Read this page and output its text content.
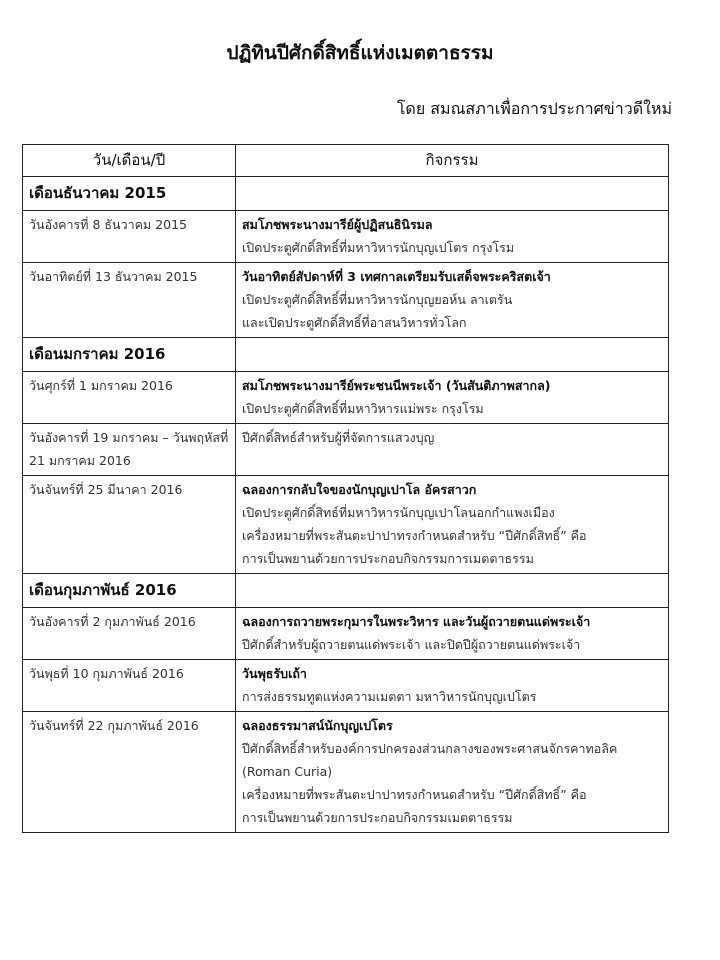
ปฏิทินปีศักดิ์สิทธิ์แห่งเมตตาธรรม
โดย สมณสภาเพื่อการประกาศข่าวดีใหม่
วัน/เดือน/ปี	กิจกรรม
เดือนธันวาคม 2015	
วันอังคารที่ 8 ธันวาคม 2015	สมโภชพระนางมารีย์ผู้ปฏิสนธินิรมล
เปิดประตูศักดิ์สิทธิ์ที่มหาวิหารนักบุญเปโตร กรุงโรม

วันอาทิตย์ที่ 13 ธันวาคม 2015	วันอาทิตย์สัปดาห์ที่ 3 เทศกาลเตรียมรับเสด็จพระคริสตเจ้า
เปิดประตูศักดิ์สิทธิ์ที่มหาวิหารนักบุญยอห์น ลาเตรัน
และเปิดประตูศักดิ์สิทธิ์ที่อาสนวิหารทั่วโลก

เดือนมกราคม 2016	
วันศุกร์ที่ 1 มกราคม 2016	สมโภชพระนางมารีย์พระชนนีพระเจ้า (วันสันติภาพสากล)
เปิดประตูศักดิ์สิทธิ์ที่มหาวิหารแม่พระ กรุงโรม

วันอังคารที่ 19 มกราคม – วันพฤหัสที่ 21 มกราคม 2016	ปีศักดิ์สิทธ์สำหรับผู้ที่จัดการแสวงบุญ

วันจันทร์ที่ 25 มีนาคา 2016	ฉลองการกลับใจของนักบุญเปาโล อัครสาวก
เปิดประตูศักดิ์สิทธ์ที่มหาวิหารนักบุญเปาโลนอกกำแพงเมือง
เครื่องหมายที่พระสันตะปาปาทรงกำหนดสำหรับ “ปีศักดิ์สิทธิ์” คือ
การเป็นพยานด้วยการประกอบกิจกรรมการเมตตาธรรม

เดือนกุมภาพันธ์ 2016	
วันอังคารที่ 2 กุมภาพันธ์ 2016	ฉลองการถวายพระกุมารในพระวิหาร และวันผู้ถวายตนแด่พระเจ้า
ปีศักดิ์สำหรับผู้ถวายตนแด่พระเจ้า และปิดปีผู้ถวายตนแด่พระเจ้า

วันพุธที่ 10 กุมภาพันธ์ 2016	วันพุธรับเถ้า
การส่งธรรมทูตแห่งความเมตตา มหาวิหารนักบุญเปโตร

วันจันทร์ที่ 22 กุมภาพันธ์ 2016	ฉลองธรรมาสน์นักบุญเปโตร
ปีศักดิ์สิทธิ์สำหรับองค์การปกครองส่วนกลางของพระศาสนจักรคาทอลิค (Roman Curia)
เครื่องหมายที่พระสันตะปาปาทรงกำหนดสำหรับ “ปีศักดิ์สิทธิ์” คือ
การเป็นพยานด้วยการประกอบกิจกรรมเมตตาธรรม
